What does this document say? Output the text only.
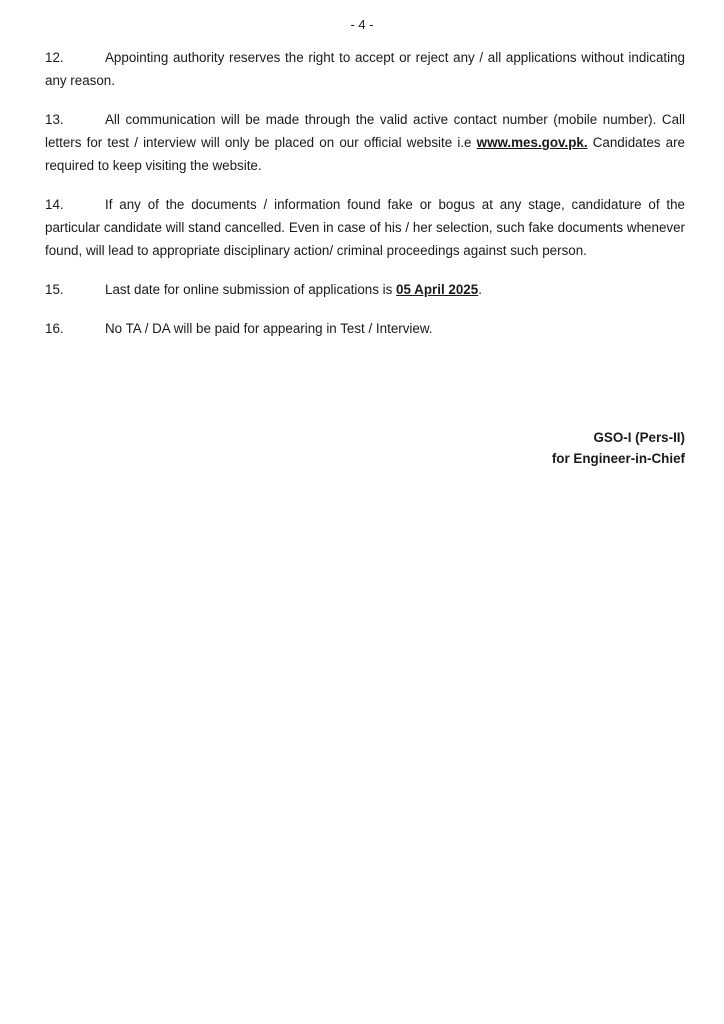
- 4 -

12.	Appointing authority reserves the right to accept or reject any / all applications without indicating any reason.

13.	All communication will be made through the valid active contact number (mobile number). Call letters for test / interview will only be placed on our official website i.e www.mes.gov.pk. Candidates are required to keep visiting the website.

14.	If any of the documents / information found fake or bogus at any stage, candidature of the particular candidate will stand cancelled. Even in case of his / her selection, such fake documents whenever found, will lead to appropriate disciplinary action/ criminal proceedings against such person.

15.	Last date for online submission of applications is 05 April 2025.

16.	No TA / DA will be paid for appearing in Test / Interview.

GSO-I (Pers-II)
for Engineer-in-Chief
